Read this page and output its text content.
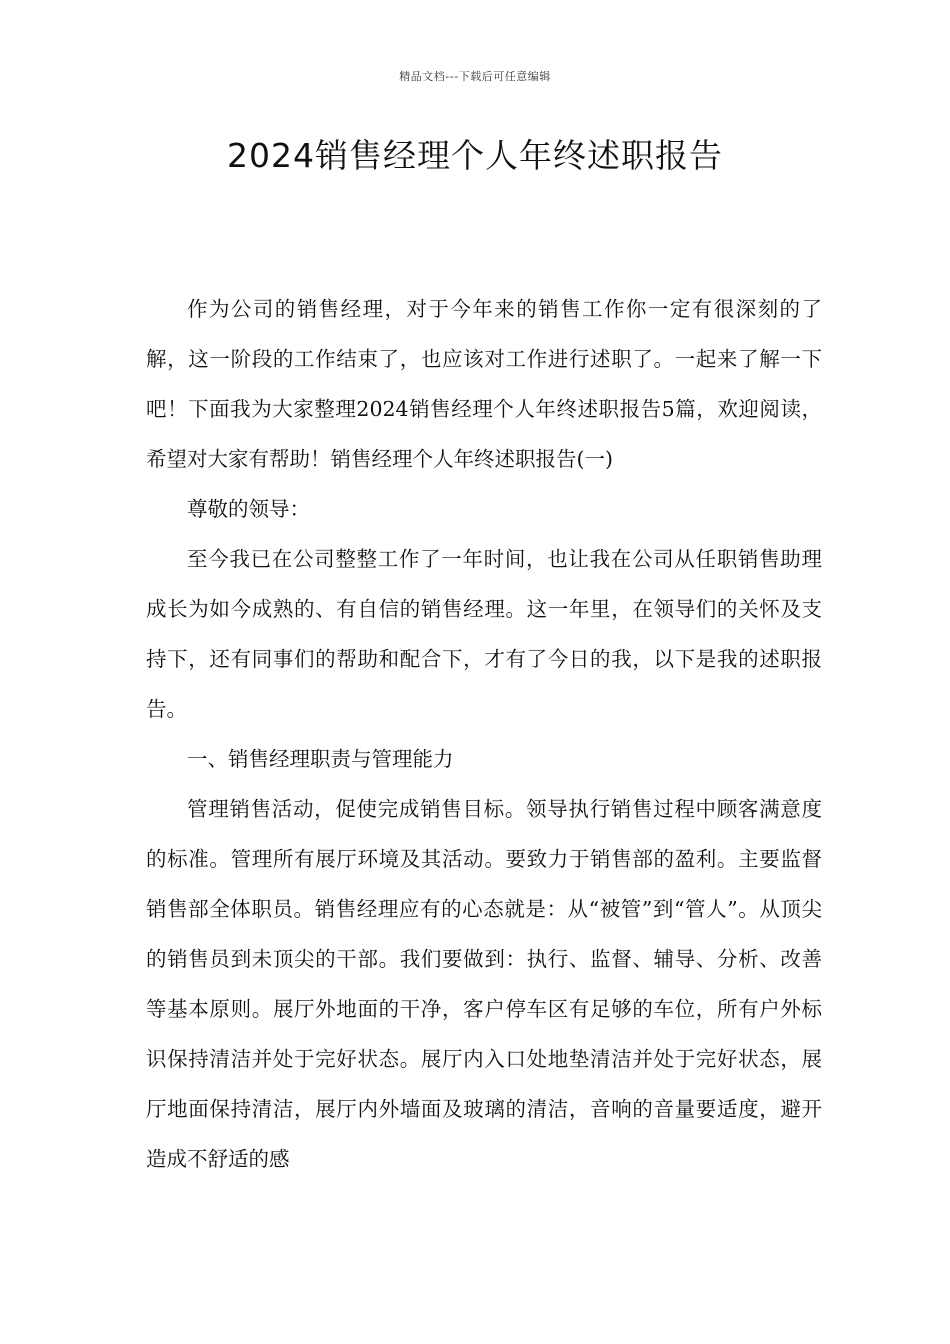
精品文档---下载后可任意编辑
2024销售经理个人年终述职报告

作为公司的销售经理，对于今年来的销售工作你一定有很深刻的了解，这一阶段的工作结束了，也应该对工作进行述职了。一起来了解一下吧！下面我为大家整理2024销售经理个人年终述职报告5篇，欢迎阅读，希望对大家有帮助！销售经理个人年终述职报告(一)

尊敬的领导：

至今我已在公司整整工作了一年时间，也让我在公司从任职销售助理成长为如今成熟的、有自信的销售经理。这一年里，在领导们的关怀及支持下，还有同事们的帮助和配合下，才有了今日的我，以下是我的述职报告。

一、销售经理职责与管理能力

管理销售活动，促使完成销售目标。领导执行销售过程中顾客满意度的标准。管理所有展厅环境及其活动。要致力于销售部的盈利。主要监督销售部全体职员。销售经理应有的心态就是：从“被管”到“管人”。从顶尖的销售员到未顶尖的干部。我们要做到：执行、监督、辅导、分析、改善等基本原则。展厅外地面的干净，客户停车区有足够的车位，所有户外标识保持清洁并处于完好状态。展厅内入口处地垫清洁并处于完好状态，展厅地面保持清洁，展厅内外墙面及玻璃的清洁，音响的音量要适度，避开造成不舒适的感
